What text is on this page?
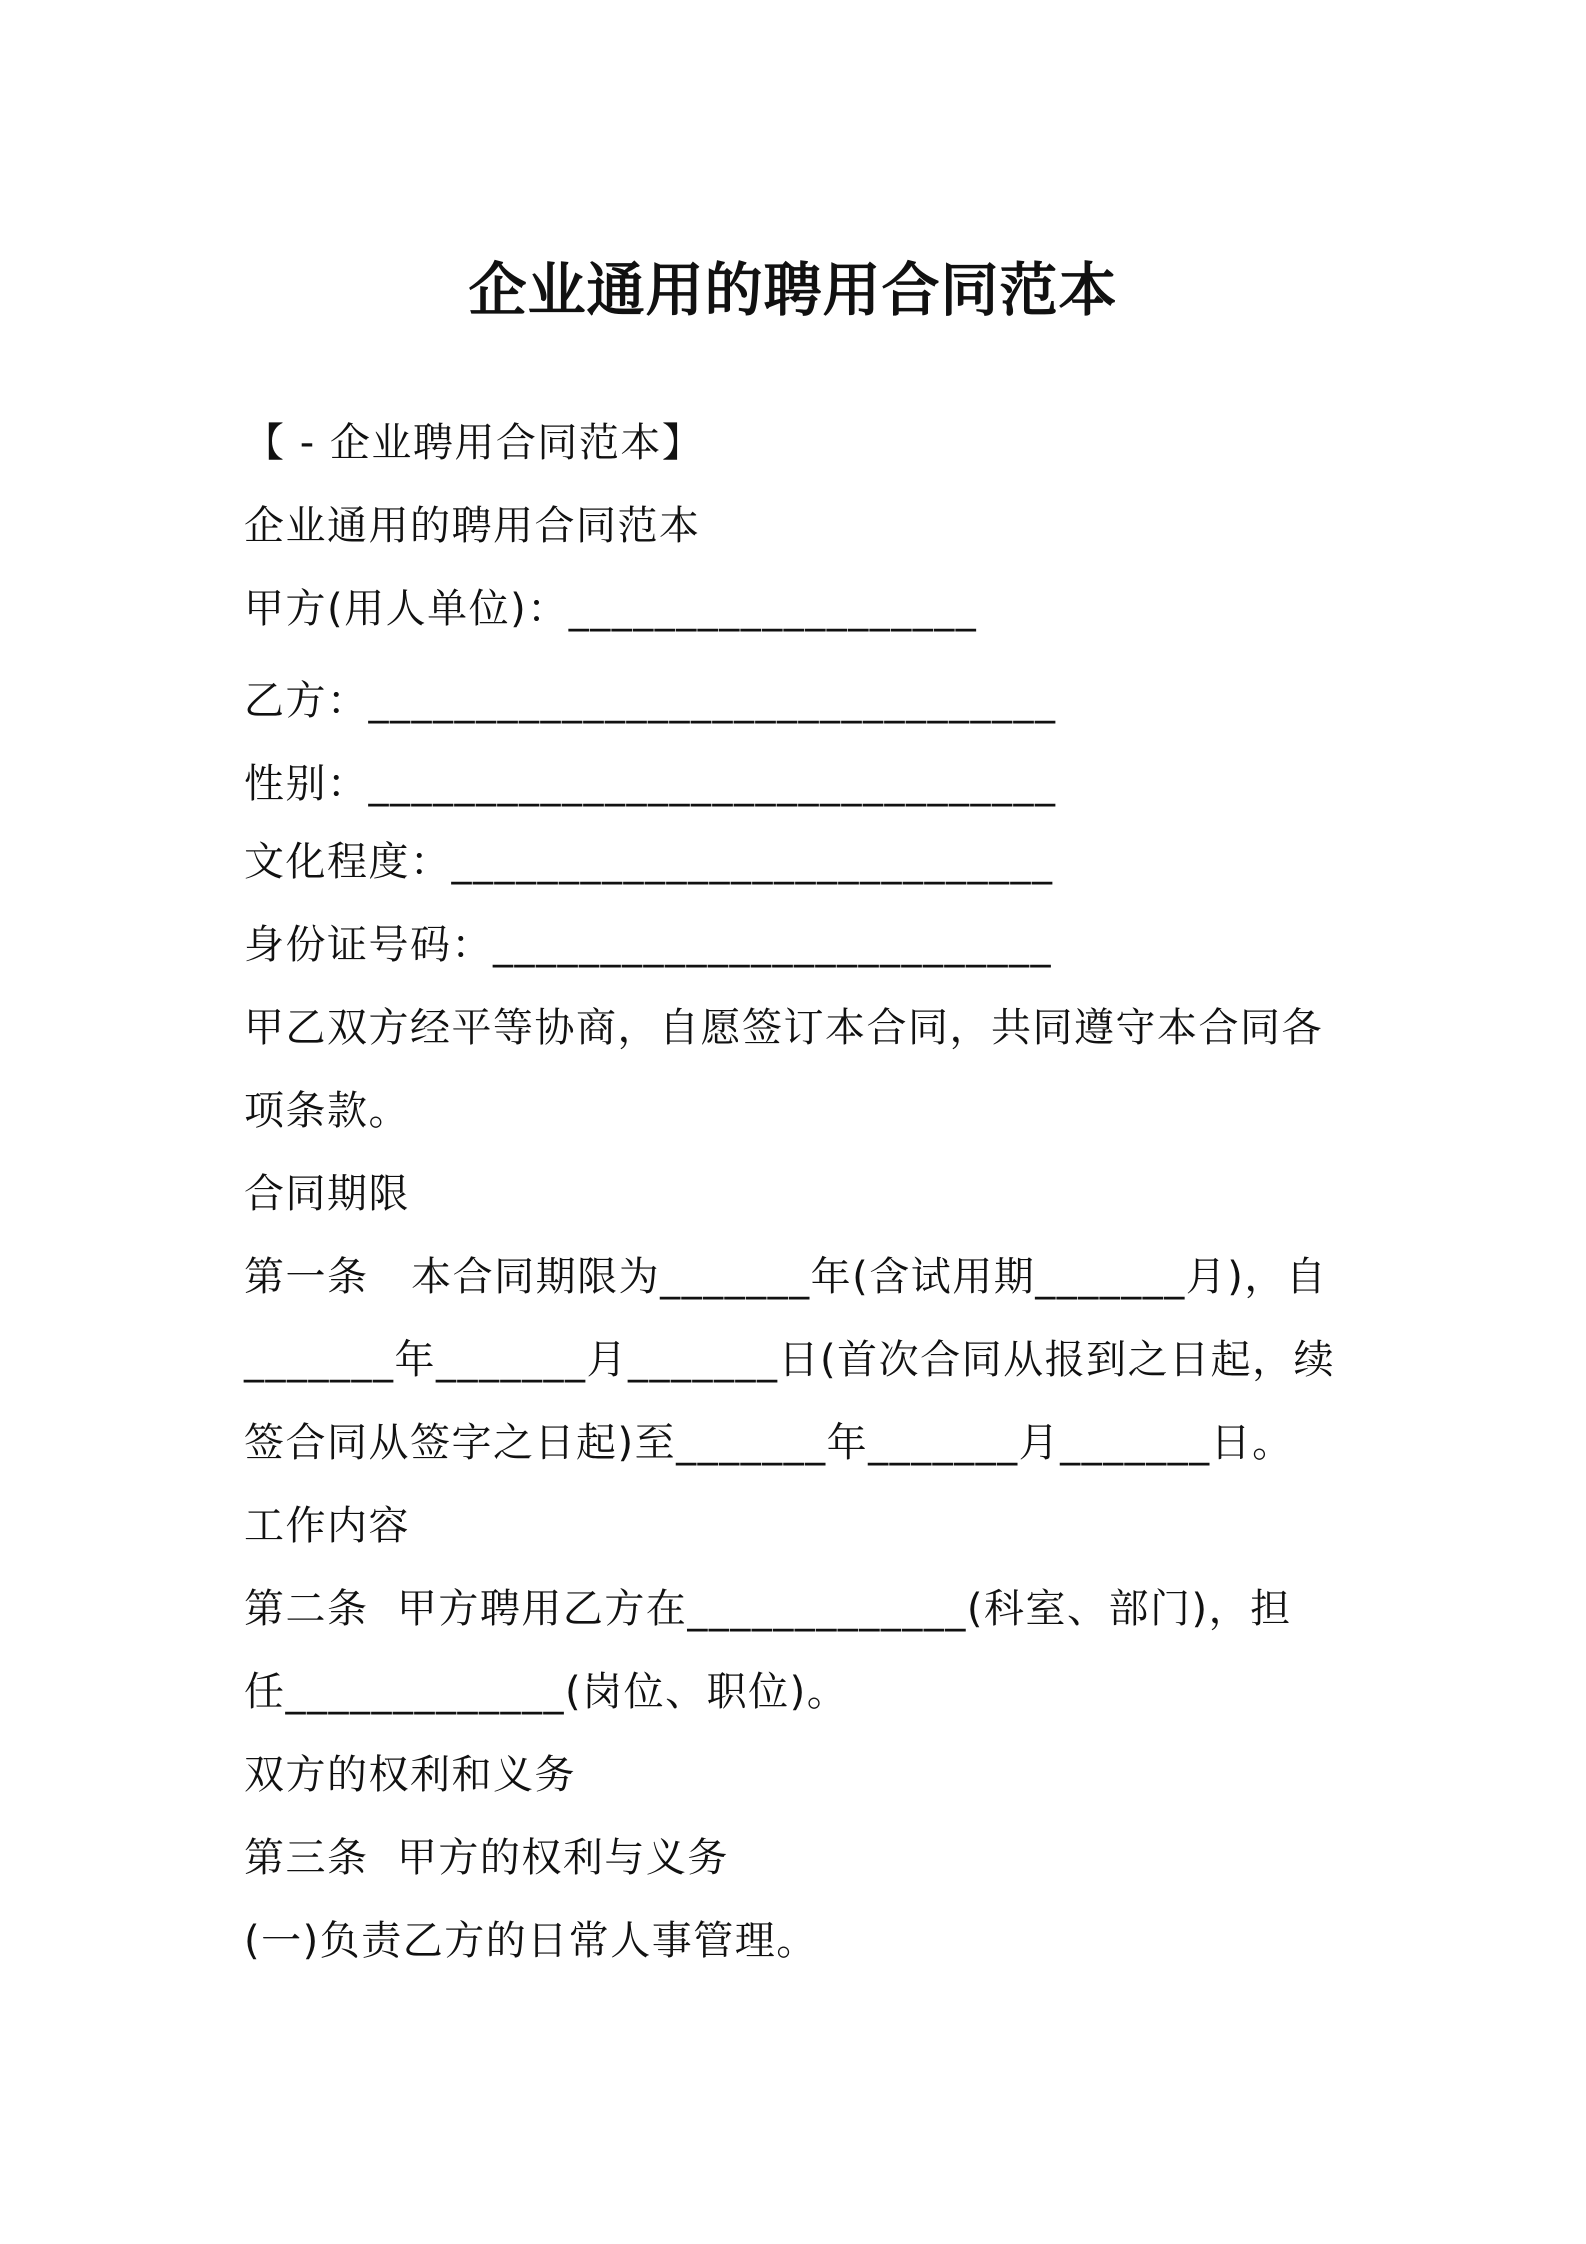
企业通用的聘用合同范本
【 - 企业聘用合同范本】
企业通用的聘用合同范本
甲方(用人单位)：___________________
乙方：________________________________
性别：________________________________
文化程度：____________________________
身份证号码：__________________________
甲乙双方经平等协商，自愿签订本合同，共同遵守本合同各
项条款。
合同期限
第一条   本合同期限为_______年(含试用期_______月)，自
_______年_______月_______日(首次合同从报到之日起，续
签合同从签字之日起)至_______年_______月_______日。
工作内容
第二条  甲方聘用乙方在_____________(科室、部门)，担
任_____________(岗位、职位)。
双方的权利和义务
第三条  甲方的权利与义务
(一)负责乙方的日常人事管理。
